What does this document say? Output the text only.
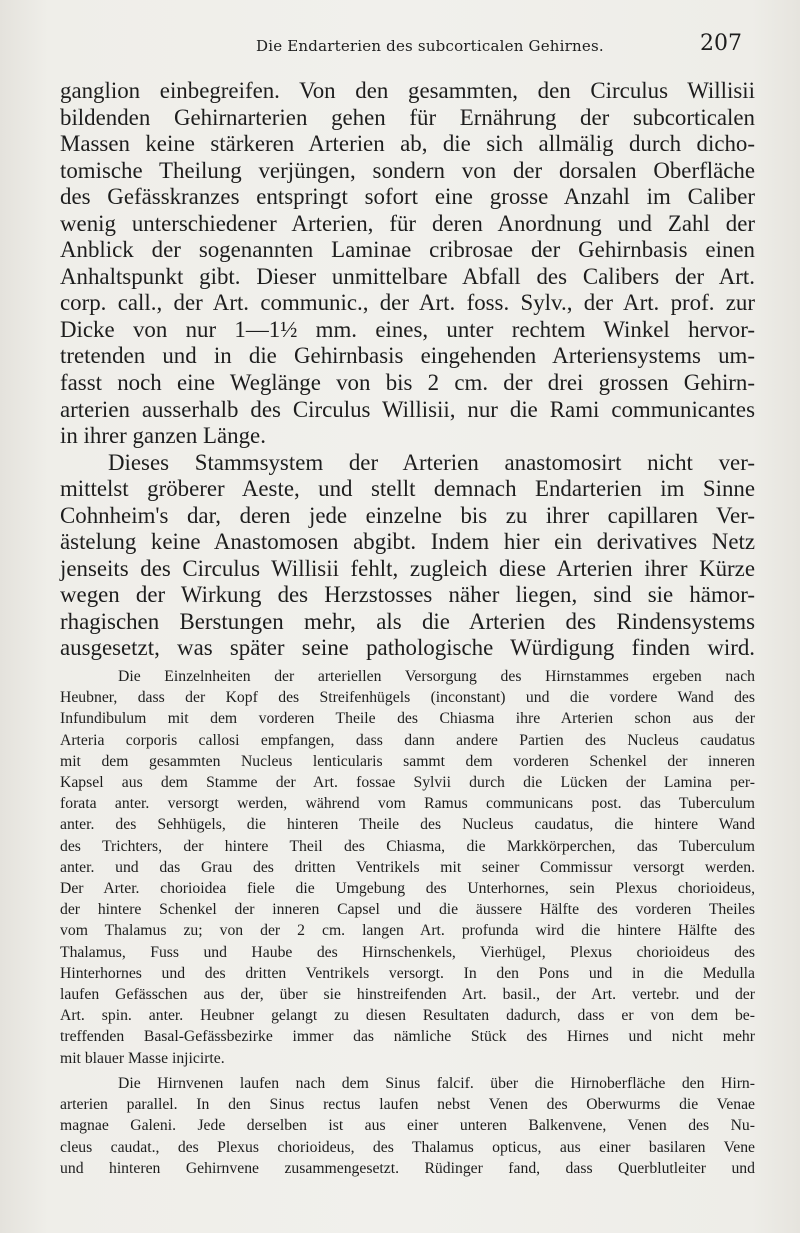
Die Endarterien des subcorticalen Gehirnes.	207

ganglion einbegreifen. Von den gesammten, den Circulus Willisii
bildenden Gehirnarterien gehen für Ernährung der subcorticalen
Massen keine stärkeren Arterien ab, die sich allmälig durch dicho-
tomische Theilung verjüngen, sondern von der dorsalen Oberfläche
des Gefässkranzes entspringt sofort eine grosse Anzahl im Caliber
wenig unterschiedener Arterien, für deren Anordnung und Zahl der
Anblick der sogenannten Laminae cribrosae der Gehirnbasis einen
Anhaltspunkt gibt. Dieser unmittelbare Abfall des Calibers der Art.
corp. call., der Art. communic., der Art. foss. Sylv., der Art. prof. zur
Dicke von nur 1—1½ mm. eines, unter rechtem Winkel hervor-
tretenden und in die Gehirnbasis eingehenden Arteriensystems um-
fasst noch eine Weglänge von bis 2 cm. der drei grossen Gehirn-
arterien ausserhalb des Circulus Willisii, nur die Rami communicantes
in ihrer ganzen Länge.

Dieses Stammsystem der Arterien anastomosirt nicht ver-
mittelst gröberer Aeste, und stellt demnach Endarterien im Sinne
Cohnheim's dar, deren jede einzelne bis zu ihrer capillaren Ver-
ästelung keine Anastomosen abgibt. Indem hier ein derivatives Netz
jenseits des Circulus Willisii fehlt, zugleich diese Arterien ihrer Kürze
wegen der Wirkung des Herzstosses näher liegen, sind sie hämor-
rhagischen Berstungen mehr, als die Arterien des Rindensystems
ausgesetzt, was später seine pathologische Würdigung finden wird.

Die Einzelnheiten der arteriellen Versorgung des Hirnstammes ergeben nach
Heubner, dass der Kopf des Streifenhügels (inconstant) und die vordere Wand des
Infundibulum mit dem vorderen Theile des Chiasma ihre Arterien schon aus der
Arteria corporis callosi empfangen, dass dann andere Partien des Nucleus caudatus
mit dem gesammten Nucleus lenticularis sammt dem vorderen Schenkel der inneren
Kapsel aus dem Stamme der Art. fossae Sylvii durch die Lücken der Lamina per-
forata anter. versorgt werden, während vom Ramus communicans post. das Tuberculum
anter. des Sehhügels, die hinteren Theile des Nucleus caudatus, die hintere Wand
des Trichters, der hintere Theil des Chiasma, die Markkörperchen, das Tuberculum
anter. und das Grau des dritten Ventrikels mit seiner Commissur versorgt werden.
Der Arter. chorioidea fiele die Umgebung des Unterhornes, sein Plexus chorioideus,
der hintere Schenkel der inneren Capsel und die äussere Hälfte des vorderen Theiles
vom Thalamus zu; von der 2 cm. langen Art. profunda wird die hintere Hälfte des
Thalamus, Fuss und Haube des Hirnschenkels, Vierhügel, Plexus chorioideus des
Hinterhornes und des dritten Ventrikels versorgt. In den Pons und in die Medulla
laufen Gefässchen aus der, über sie hinstreifenden Art. basil., der Art. vertebr. und der
Art. spin. anter. Heubner gelangt zu diesen Resultaten dadurch, dass er von dem be-
treffenden Basal-Gefässbezirke immer das nämliche Stück des Hirnes und nicht mehr
mit blauer Masse injicirte.

Die Hirnvenen laufen nach dem Sinus falcif. über die Hirnoberfläche den Hirn-
arterien parallel. In den Sinus rectus laufen nebst Venen des Oberwurms die Venae
magnae Galeni. Jede derselben ist aus einer unteren Balkenvene, Venen des Nu-
cleus caudat., des Plexus chorioideus, des Thalamus opticus, aus einer basilaren Vene
und hinteren Gehirnvene zusammengesetzt. Rüdinger fand, dass Querblutleiter und
